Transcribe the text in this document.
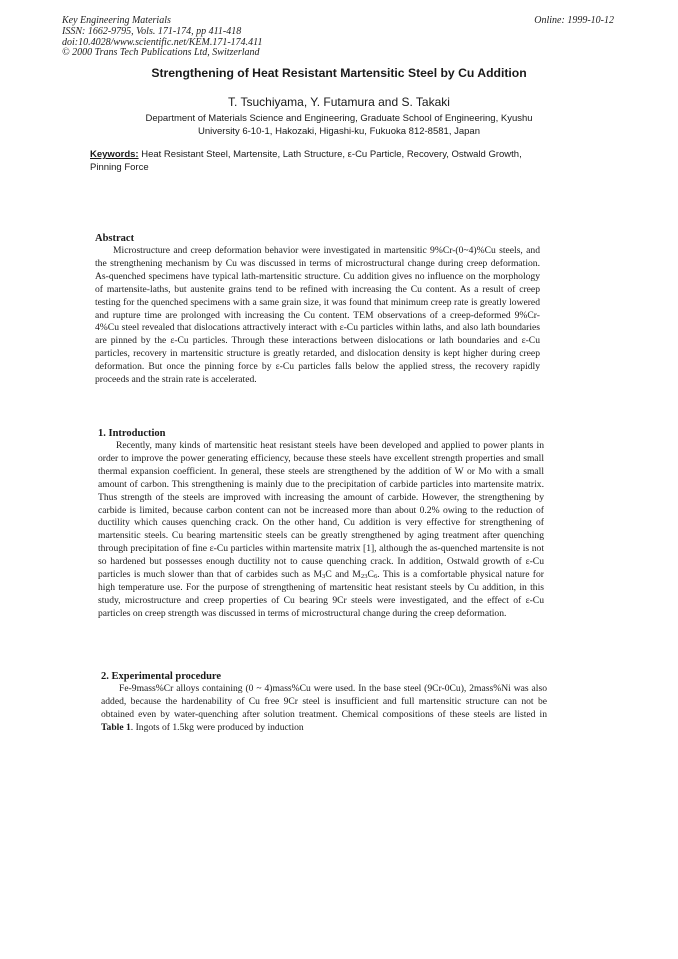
Key Engineering Materials
ISSN: 1662-9795, Vols. 171-174, pp 411-418
doi:10.4028/www.scientific.net/KEM.171-174.411
© 2000 Trans Tech Publications Ltd, Switzerland
Online: 1999-10-12
Strengthening of Heat Resistant Martensitic Steel by Cu Addition
T. Tsuchiyama, Y. Futamura and S. Takaki
Department of Materials Science and Engineering, Graduate School of Engineering, Kyushu
University 6-10-1, Hakozaki, Higashi-ku, Fukuoka 812-8581, Japan
Keywords: Heat Resistant Steel, Martensite, Lath Structure, ε-Cu Particle, Recovery, Ostwald Growth, Pinning Force
Abstract

Microstructure and creep deformation behavior were investigated in martensitic 9%Cr-(0~4)%Cu steels, and the strengthening mechanism by Cu was discussed in terms of microstructural change during creep deformation. As-quenched specimens have typical lath-martensitic structure. Cu addition gives no influence on the morphology of martensite-laths, but austenite grains tend to be refined with increasing the Cu content. As a result of creep testing for the quenched specimens with a same grain size, it was found that minimum creep rate is greatly lowered and rupture time are prolonged with increasing the Cu content. TEM observations of a creep-deformed 9%Cr-4%Cu steel revealed that dislocations attractively interact with ε-Cu particles within laths, and also lath boundaries are pinned by the ε-Cu particles. Through these interactions between dislocations or lath boundaries and ε-Cu particles, recovery in martensitic structure is greatly retarded, and dislocation density is kept higher during creep deformation. But once the pinning force by ε-Cu particles falls below the applied stress, the recovery rapidly proceeds and the strain rate is accelerated.

1. Introduction

Recently, many kinds of martensitic heat resistant steels have been developed and applied to power plants in order to improve the power generating efficiency, because these steels have excellent strength properties and small thermal expansion coefficient. In general, these steels are strengthened by the addition of W or Mo with a small amount of carbon. This strengthening is mainly due to the precipitation of carbide particles into martensite matrix. Thus strength of the steels are improved with increasing the amount of carbide. However, the strengthening by carbide is limited, because carbon content can not be increased more than about 0.2% owing to the reduction of ductility which causes quenching crack. On the other hand, Cu addition is very effective for strengthening of martensitic steels. Cu bearing martensitic steels can be greatly strengthened by aging treatment after quenching through precipitation of fine ε-Cu particles within martensite matrix [1], although the as-quenched martensite is not so hardened but possesses enough ductility not to cause quenching crack. In addition, Ostwald growth of ε-Cu particles is much slower than that of carbides such as $M_3C$ and $M_{23}C_6$. This is a comfortable physical nature for high temperature use. For the purpose of strengthening of martensitic heat resistant steels by Cu addition, in this study, microstructure and creep properties of Cu bearing 9Cr steels were investigated, and the effect of ε-Cu particles on creep strength was discussed in terms of microstructural change during the creep deformation.

2. Experimental procedure

Fe-9mass%Cr alloys containing (0 ~ 4)mass%Cu were used. In the base steel (9Cr-0Cu), 2mass%Ni was also added, because the hardenability of Cu free 9Cr steel is insufficient and full martensitic structure can not be obtained even by water-quenching after solution treatment. Chemical compositions of these steels are listed in Table 1. Ingots of 1.5kg were produced by induction
